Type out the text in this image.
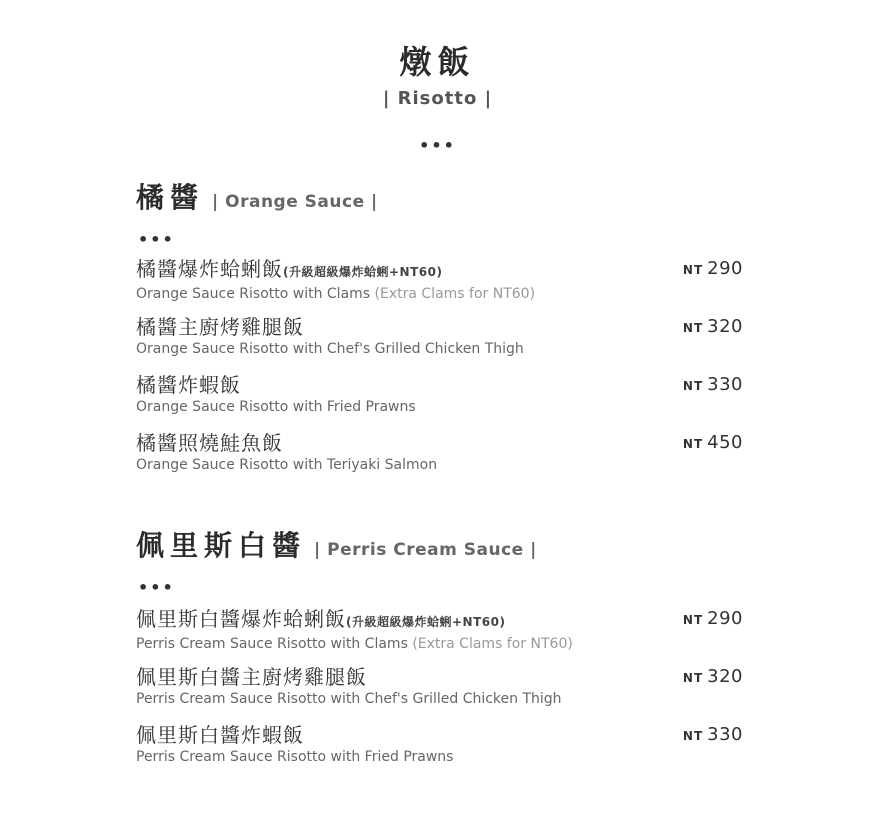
燉飯
| Risotto |
•••
橘醬 | Orange Sauce |
•••
橘醬爆炸蛤蜊飯(升級超級爆炸蛤蜊+NT60)
Orange Sauce Risotto with Clams (Extra Clams for NT60)
NT 290
橘醬主廚烤雞腿飯
Orange Sauce Risotto with Chef's Grilled Chicken Thigh
NT 320
橘醬炸蝦飯
Orange Sauce Risotto with Fried Prawns
NT 330
橘醬照燒鮭魚飯
Orange Sauce Risotto with Teriyaki Salmon
NT 450
佩里斯白醬 | Perris Cream Sauce |
•••
佩里斯白醬爆炸蛤蜊飯(升級超級爆炸蛤蜊+NT60)
Perris Cream Sauce Risotto with Clams (Extra Clams for NT60)
NT 290
佩里斯白醬主廚烤雞腿飯
Perris Cream Sauce Risotto with Chef's Grilled Chicken Thigh
NT 320
佩里斯白醬炸蝦飯
Perris Cream Sauce Risotto with Fried Prawns
NT 330
